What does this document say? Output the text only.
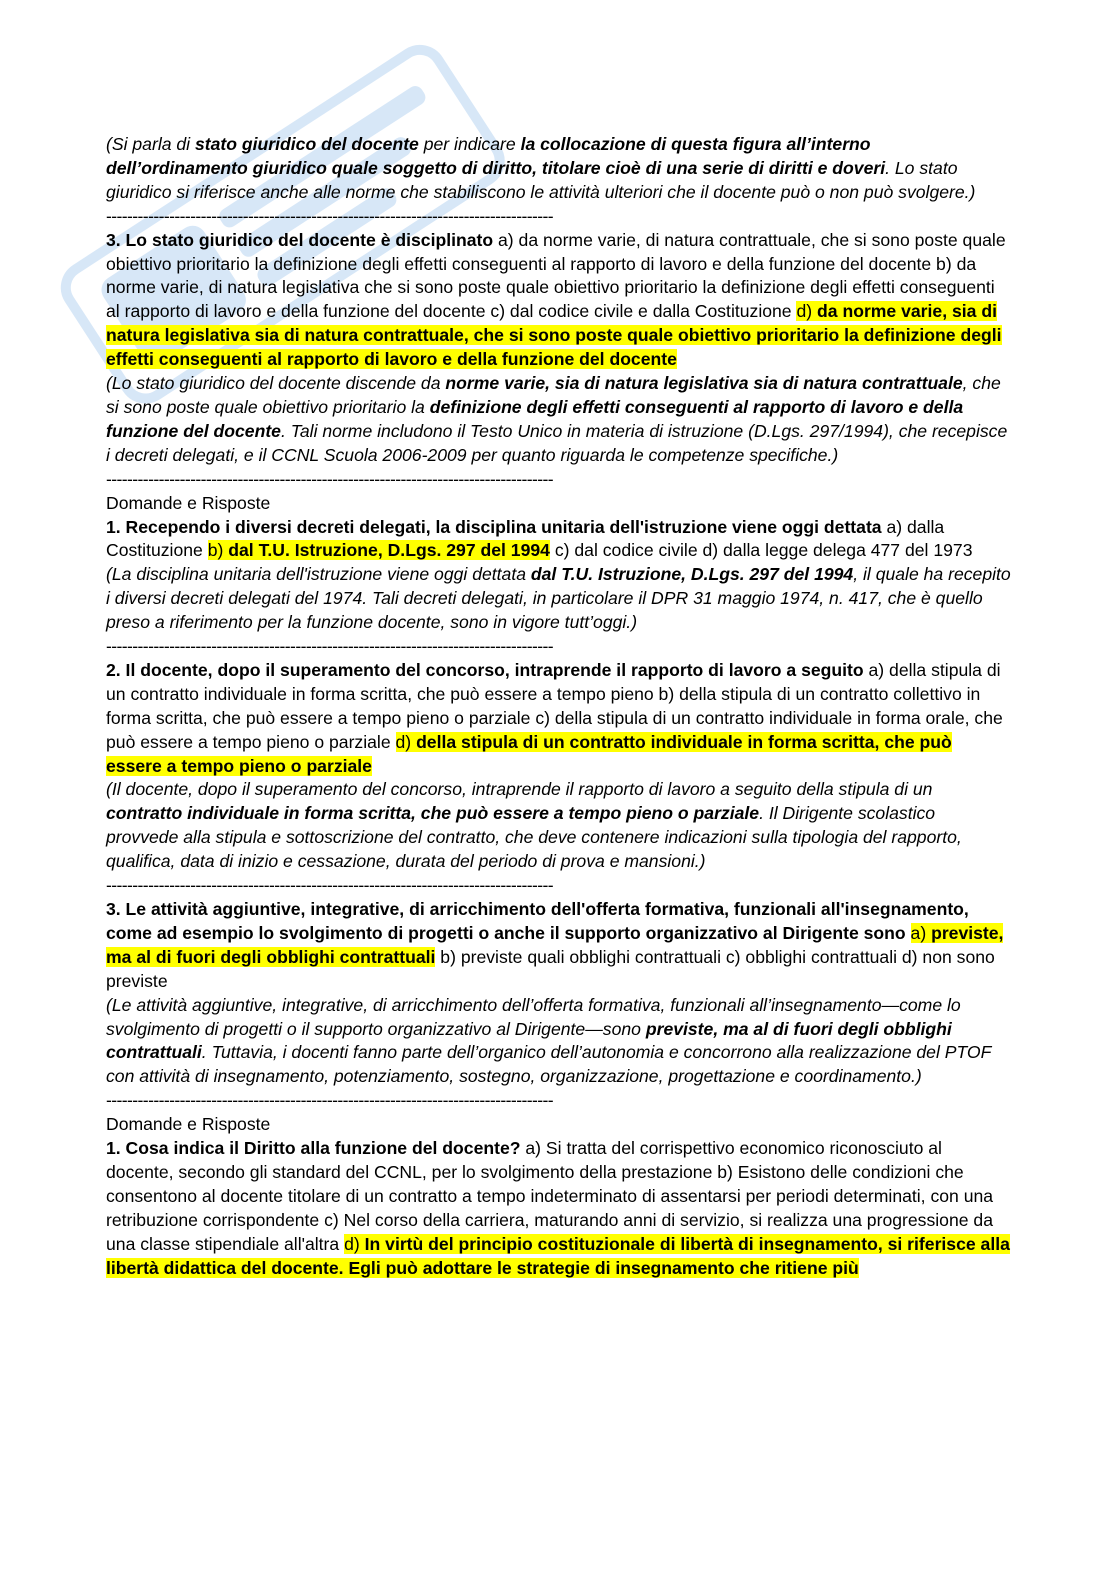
(Si parla di stato giuridico del docente per indicare la collocazione di questa figura all’interno dell’ordinamento giuridico quale soggetto di diritto, titolare cioè di una serie di diritti e doveri. Lo stato giuridico si riferisce anche alle norme che stabiliscono le attività ulteriori che il docente può o non può svolgere.)

-------------------------------------------------------------------------------------

3. Lo stato giuridico del docente è disciplinato a) da norme varie, di natura contrattuale, che si sono poste quale obiettivo prioritario la definizione degli effetti conseguenti al rapporto di lavoro e della funzione del docente b) da norme varie, di natura legislativa che si sono poste quale obiettivo prioritario la definizione degli effetti conseguenti al rapporto di lavoro e della funzione del docente c) dal codice civile e dalla Costituzione d) da norme varie, sia di natura legislativa sia di natura contrattuale, che si sono poste quale obiettivo prioritario la definizione degli effetti conseguenti al rapporto di lavoro e della funzione del docente

(Lo stato giuridico del docente discende da norme varie, sia di natura legislativa sia di natura contrattuale, che si sono poste quale obiettivo prioritario la definizione degli effetti conseguenti al rapporto di lavoro e della funzione del docente. Tali norme includono il Testo Unico in materia di istruzione (D.Lgs. 297/1994), che recepisce i decreti delegati, e il CCNL Scuola 2006-2009 per quanto riguarda le competenze specifiche.)

-------------------------------------------------------------------------------------

Domande e Risposte

1. Recependo i diversi decreti delegati, la disciplina unitaria dell'istruzione viene oggi dettata a) dalla Costituzione b) dal T.U. Istruzione, D.Lgs. 297 del 1994 c) dal codice civile d) dalla legge delega 477 del 1973

(La disciplina unitaria dell'istruzione viene oggi dettata dal T.U. Istruzione, D.Lgs. 297 del 1994, il quale ha recepito i diversi decreti delegati del 1974. Tali decreti delegati, in particolare il DPR 31 maggio 1974, n. 417, che è quello preso a riferimento per la funzione docente, sono in vigore tutt’oggi.)

-------------------------------------------------------------------------------------

2. Il docente, dopo il superamento del concorso, intraprende il rapporto di lavoro a seguito a) della stipula di un contratto individuale in forma scritta, che può essere a tempo pieno b) della stipula di un contratto collettivo in forma scritta, che può essere a tempo pieno o parziale c) della stipula di un contratto individuale in forma orale, che può essere a tempo pieno o parziale d) della stipula di un contratto individuale in forma scritta, che può essere a tempo pieno o parziale

(Il docente, dopo il superamento del concorso, intraprende il rapporto di lavoro a seguito della stipula di un contratto individuale in forma scritta, che può essere a tempo pieno o parziale. Il Dirigente scolastico provvede alla stipula e sottoscrizione del contratto, che deve contenere indicazioni sulla tipologia del rapporto, qualifica, data di inizio e cessazione, durata del periodo di prova e mansioni.)

-------------------------------------------------------------------------------------

3. Le attività aggiuntive, integrative, di arricchimento dell'offerta formativa, funzionali all'insegnamento, come ad esempio lo svolgimento di progetti o anche il supporto organizzativo al Dirigente sono a) previste, ma al di fuori degli obblighi contrattuali b) previste quali obblighi contrattuali c) obblighi contrattuali d) non sono previste

(Le attività aggiuntive, integrative, di arricchimento dell’offerta formativa, funzionali all’insegnamento—come lo svolgimento di progetti o il supporto organizzativo al Dirigente—sono previste, ma al di fuori degli obblighi contrattuali. Tuttavia, i docenti fanno parte dell’organico dell’autonomia e concorrono alla realizzazione del PTOF con attività di insegnamento, potenziamento, sostegno, organizzazione, progettazione e coordinamento.)

-------------------------------------------------------------------------------------

Domande e Risposte

1. Cosa indica il Diritto alla funzione del docente? a) Si tratta del corrispettivo economico riconosciuto al docente, secondo gli standard del CCNL, per lo svolgimento della prestazione b) Esistono delle condizioni che consentono al docente titolare di un contratto a tempo indeterminato di assentarsi per periodi determinati, con una retribuzione corrispondente c) Nel corso della carriera, maturando anni di servizio, si realizza una progressione da una classe stipendiale all'altra d) In virtù del principio costituzionale di libertà di insegnamento, si riferisce alla libertà didattica del docente. Egli può adottare le strategie di insegnamento che ritiene più
